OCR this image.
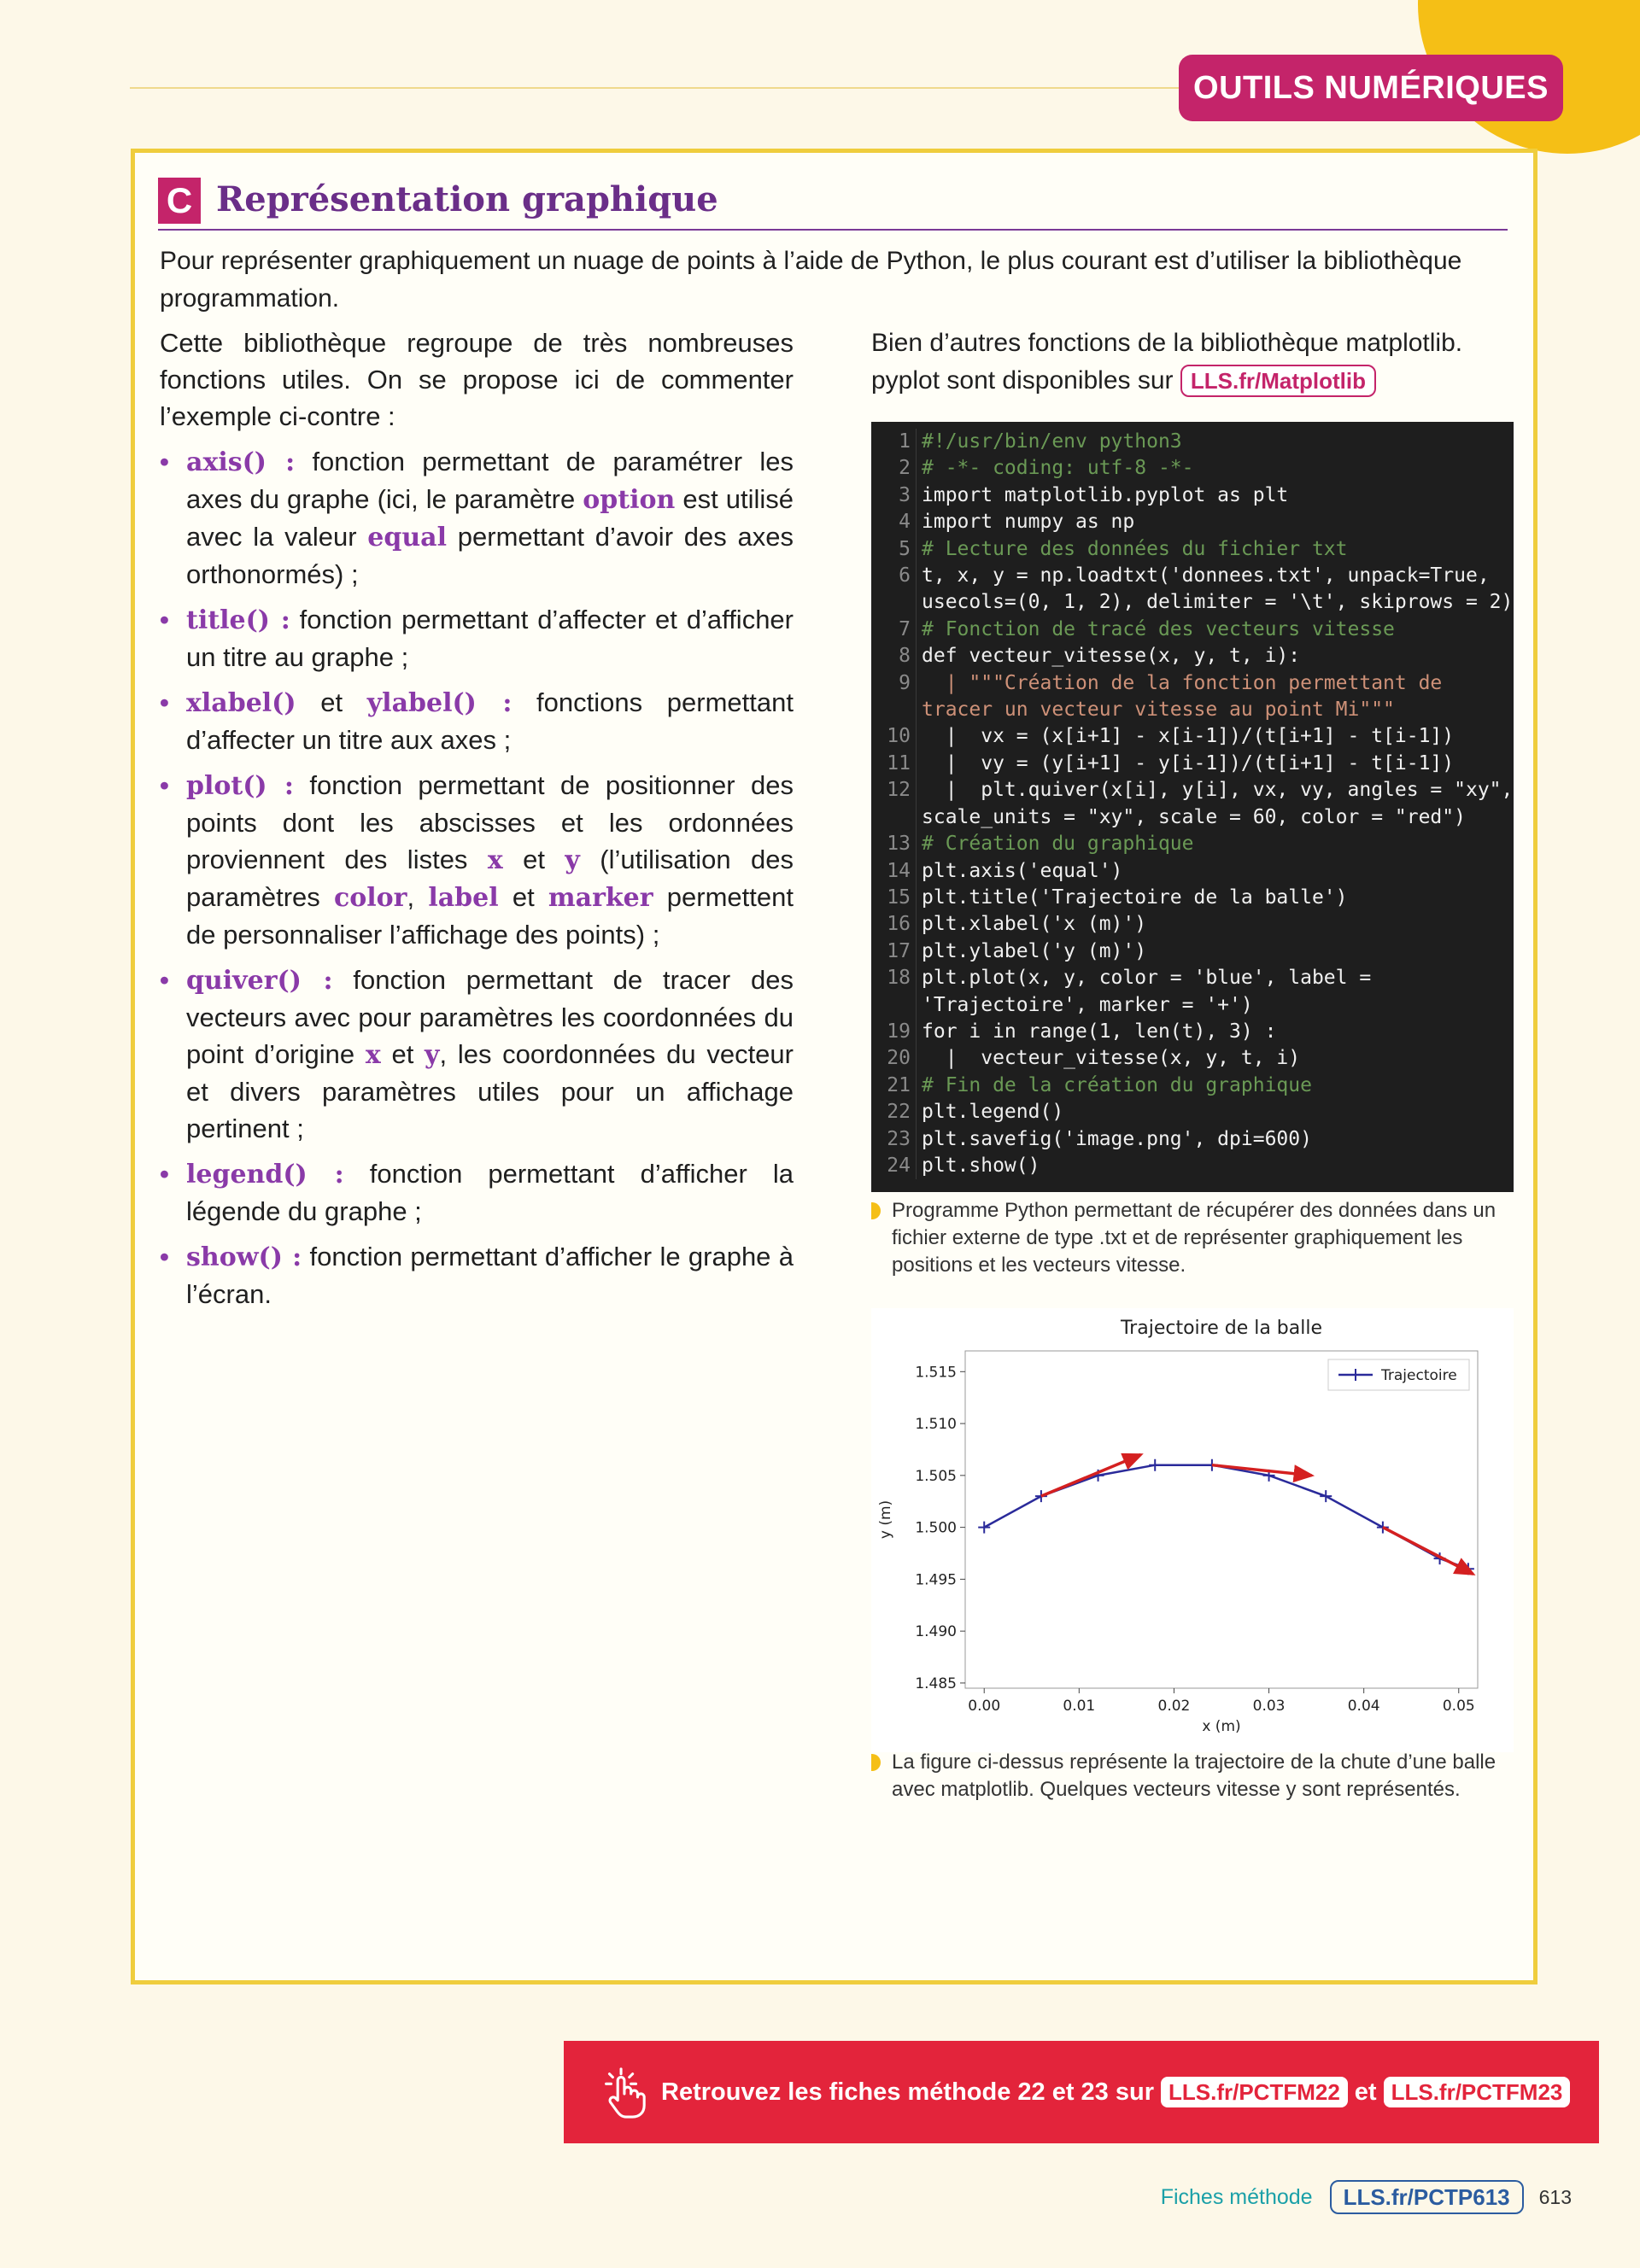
OUTILS NUMÉRIQUES
C Représentation graphique
Pour représenter graphiquement un nuage de points à l’aide de Python, le plus courant est d’utiliser la bibliothèque programmation.

Cette bibliothèque regroupe de très nombreuses fonctions utiles. On se propose ici de commenter l’exemple ci-contre :

• axis() : fonction permettant de paramétrer les axes du graphe (ici, le paramètre option est utilisé avec la valeur equal permettant d’avoir des axes orthonormés) ;
• title() : fonction permettant d’affecter et d’afficher un titre au graphe ;
• xlabel() et ylabel() : fonctions permettant d’affecter un titre aux axes ;
• plot() : fonction permettant de positionner des points dont les abscisses et les ordonnées proviennent des listes x et y (l’utilisation des paramètres color, label et marker permettent de personnaliser l’affichage des points) ;
• quiver() : fonction permettant de tracer des vecteurs avec pour paramètres les coordonnées du point d’origine x et y, les coordonnées du vecteur et divers paramètres utiles pour un affichage pertinent ;
• legend() : fonction permettant d’afficher la légende du graphe ;
• show() : fonction permettant d’afficher le graphe à l’écran.
Bien d’autres fonctions de la bibliothèque matplotlib. pyplot sont disponibles sur LLS.fr/Matplotlib
1 #!/usr/bin/env python3
2 # -*- coding: utf-8 -*-
3 import matplotlib.pyplot as plt
4 import numpy as np
5 # Lecture des données du fichier txt
6 t, x, y = np.loadtxt('donnees.txt', unpack=True,
usecols=(0, 1, 2), delimiter = '\t', skiprows = 2)
7 # Fonction de tracé des vecteurs vitesse
8 def vecteur_vitesse(x, y, t, i):
9 | """Création de la fonction permettant de
tracer un vecteur vitesse au point Mi"""
10 |  vx = (x[i+1] - x[i-1])/(t[i+1] - t[i-1])
11 |  vy = (y[i+1] - y[i-1])/(t[i+1] - t[i-1])
12 |  plt.quiver(x[i], y[i], vx, vy, angles = "xy",
scale_units = "xy", scale = 60, color = "red")
13 # Création du graphique
14 plt.axis('equal')
15 plt.title('Trajectoire de la balle')
16 plt.xlabel('x (m)')
17 plt.ylabel('y (m)')
18 plt.plot(x, y, color = 'blue', label =
'Trajectoire', marker = '+')
19 for i in range(1, len(t), 3) :
20 |  vecteur_vitesse(x, y, t, i)
21 # Fin de la création du graphique
22 plt.legend()
23 plt.savefig('image.png', dpi=600)
24 plt.show()
Programme Python permettant de récupérer des données dans un fichier externe de type .txt et de représenter graphiquement les positions et les vecteurs vitesse.
Trajectoire de la balle
0.00	0.01	0.02	0.03	0.04	0.05
1.485
1.490
1.495
1.500
1.505
1.510
1.515
x (m)
y (m)
Trajectoire
La figure ci-dessus représente la trajectoire de la chute d’une balle avec matplotlib. Quelques vecteurs vitesse y sont représentés.
Retrouvez les fiches méthode 22 et 23 sur LLS.fr/PCTFM22 et LLS.fr/PCTFM23
Fiches méthode	LLS.fr/PCTP613	613
